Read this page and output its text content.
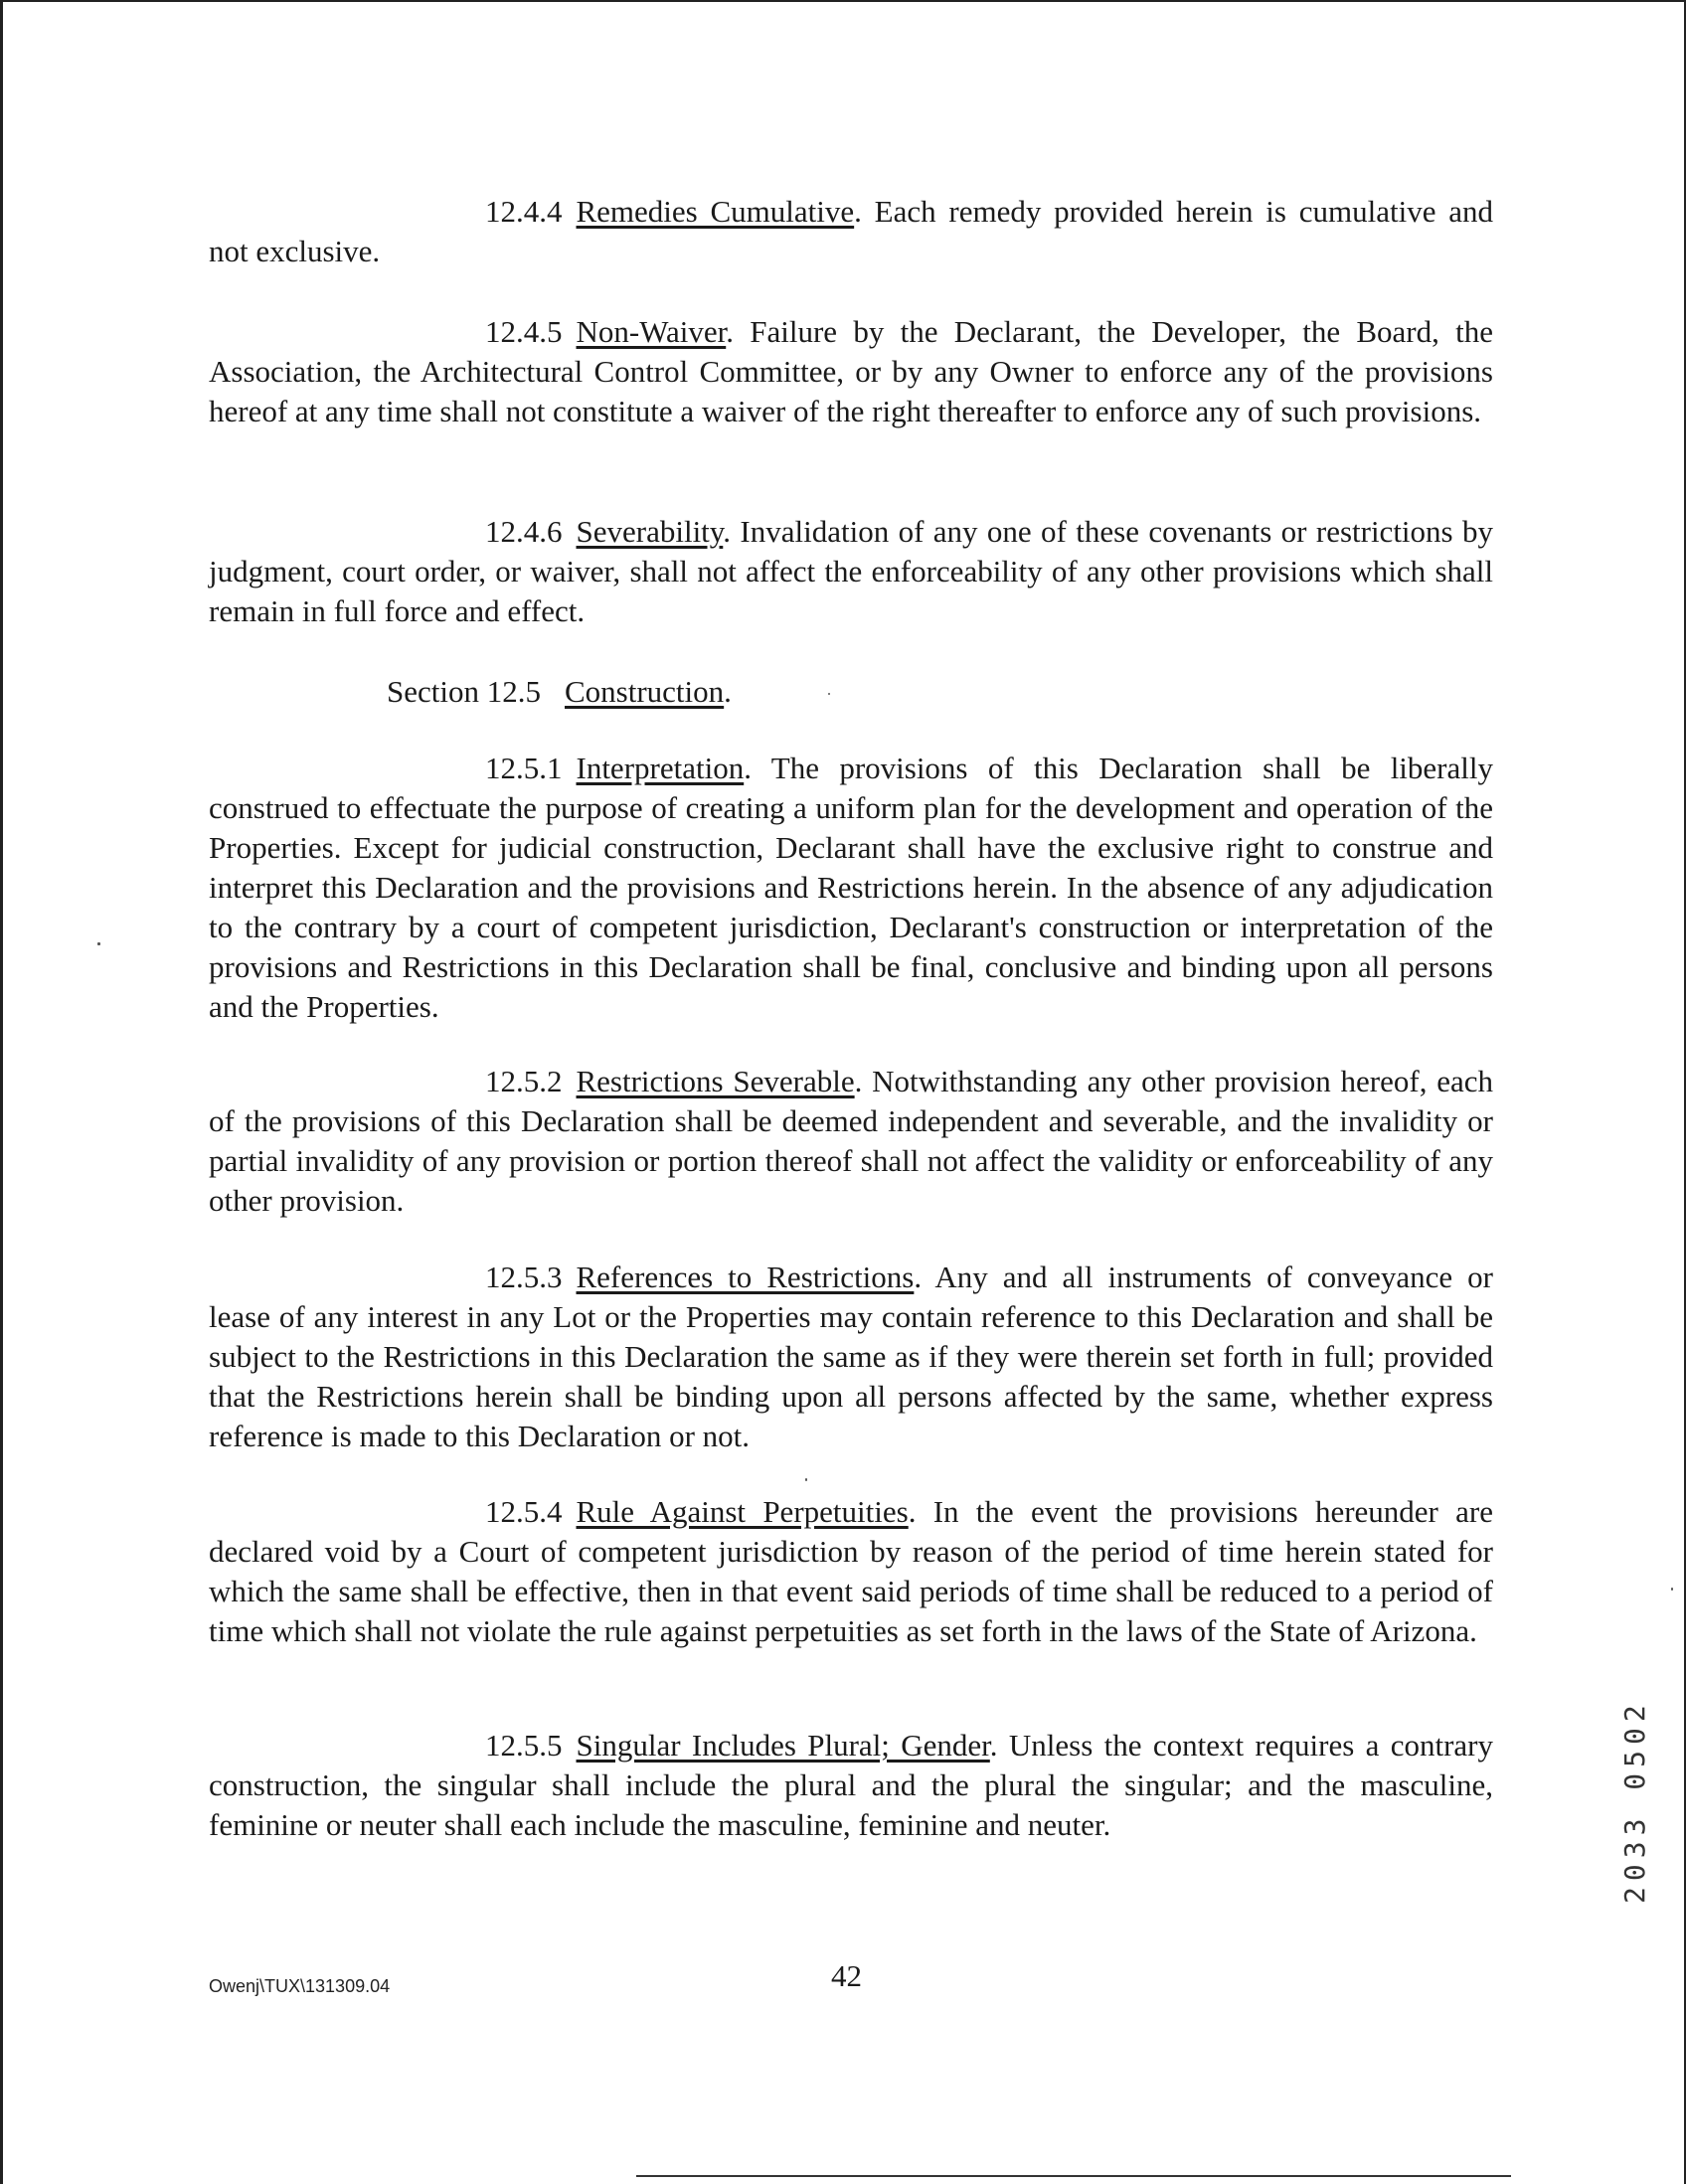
12.4.4 Remedies Cumulative. Each remedy provided herein is cumulative and not exclusive.

12.4.5 Non-Waiver. Failure by the Declarant, the Developer, the Board, the Association, the Architectural Control Committee, or by any Owner to enforce any of the provisions hereof at any time shall not constitute a waiver of the right thereafter to enforce any of such provisions.

12.4.6 Severability. Invalidation of any one of these covenants or restrictions by judgment, court order, or waiver, shall not affect the enforceability of any other provisions which shall remain in full force and effect.

Section 12.5 Construction.

12.5.1 Interpretation. The provisions of this Declaration shall be liberally construed to effectuate the purpose of creating a uniform plan for the development and operation of the Properties. Except for judicial construction, Declarant shall have the exclusive right to construe and interpret this Declaration and the provisions and Restrictions herein. In the absence of any adjudication to the contrary by a court of competent jurisdiction, Declarant's construction or interpretation of the provisions and Restrictions in this Declaration shall be final, conclusive and binding upon all persons and the Properties.

12.5.2 Restrictions Severable. Notwithstanding any other provision hereof, each of the provisions of this Declaration shall be deemed independent and severable, and the invalidity or partial invalidity of any provision or portion thereof shall not affect the validity or enforceability of any other provision.

12.5.3 References to Restrictions. Any and all instruments of conveyance or lease of any interest in any Lot or the Properties may contain reference to this Declaration and shall be subject to the Restrictions in this Declaration the same as if they were therein set forth in full; provided that the Restrictions herein shall be binding upon all persons affected by the same, whether express reference is made to this Declaration or not.

12.5.4 Rule Against Perpetuities. In the event the provisions hereunder are declared void by a Court of competent jurisdiction by reason of the period of time herein stated for which the same shall be effective, then in that event said periods of time shall be reduced to a period of time which shall not violate the rule against perpetuities as set forth in the laws of the State of Arizona.

12.5.5 Singular Includes Plural; Gender. Unless the context requires a contrary construction, the singular shall include the plural and the plural the singular; and the masculine, feminine or neuter shall each include the masculine, feminine and neuter.

Owenj\TUX\131309.04	42
2033 0502
